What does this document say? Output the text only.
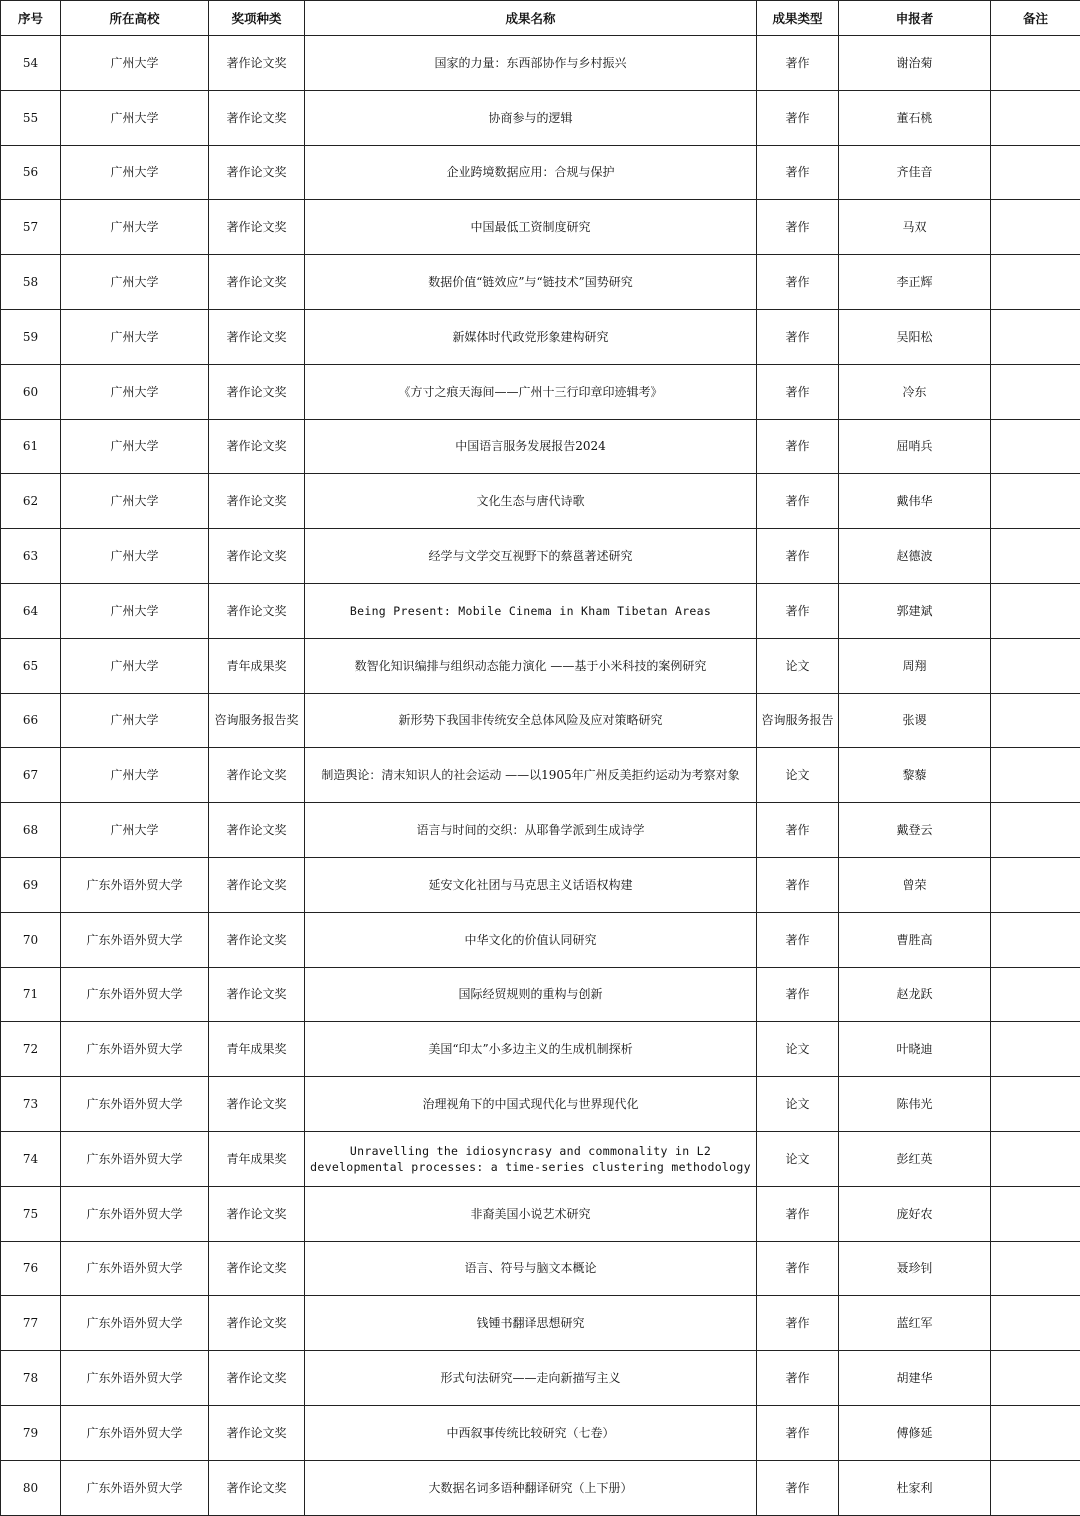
序号	所在高校	奖项种类	成果名称	成果类型	申报者	备注
54	广州大学	著作论文奖	国家的力量：东西部协作与乡村振兴	著作	谢治菊	
55	广州大学	著作论文奖	协商参与的逻辑	著作	董石桃	
56	广州大学	著作论文奖	企业跨境数据应用：合规与保护	著作	齐佳音	
57	广州大学	著作论文奖	中国最低工资制度研究	著作	马双	
58	广州大学	著作论文奖	数据价值“链效应”与“链技术”国势研究	著作	李正辉	
59	广州大学	著作论文奖	新媒体时代政党形象建构研究	著作	吴阳松	
60	广州大学	著作论文奖	《方寸之痕天海间——广州十三行印章印迹辑考》	著作	冷东	
61	广州大学	著作论文奖	中国语言服务发展报告2024	著作	屈哨兵	
62	广州大学	著作论文奖	文化生态与唐代诗歌	著作	戴伟华	
63	广州大学	著作论文奖	经学与文学交互视野下的蔡邕著述研究	著作	赵德波	
64	广州大学	著作论文奖	Being Present: Mobile Cinema in Kham Tibetan Areas	著作	郭建斌	
65	广州大学	青年成果奖	数智化知识编排与组织动态能力演化 ——基于小米科技的案例研究	论文	周翔	
66	广州大学	咨询服务报告奖	新形势下我国非传统安全总体风险及应对策略研究	咨询服务报告	张谡	
67	广州大学	著作论文奖	制造舆论：清末知识人的社会运动 ——以1905年广州反美拒约运动为考察对象	论文	黎藜	
68	广州大学	著作论文奖	语言与时间的交织：从耶鲁学派到生成诗学	著作	戴登云	
69	广东外语外贸大学	著作论文奖	延安文化社团与马克思主义话语权构建	著作	曾荣	
70	广东外语外贸大学	著作论文奖	中华文化的价值认同研究	著作	曹胜高	
71	广东外语外贸大学	著作论文奖	国际经贸规则的重构与创新	著作	赵龙跃	
72	广东外语外贸大学	青年成果奖	美国“印太”小多边主义的生成机制探析	论文	叶晓迪	
73	广东外语外贸大学	著作论文奖	治理视角下的中国式现代化与世界现代化	论文	陈伟光	
74	广东外语外贸大学	青年成果奖	Unravelling the idiosyncrasy and commonality in L2 developmental processes: a time-series clustering methodology	论文	彭红英	
75	广东外语外贸大学	著作论文奖	非裔美国小说艺术研究	著作	庞好农	
76	广东外语外贸大学	著作论文奖	语言、符号与脑文本概论	著作	聂珍钊	
77	广东外语外贸大学	著作论文奖	钱锺书翻译思想研究	著作	蓝红军	
78	广东外语外贸大学	著作论文奖	形式句法研究——走向新描写主义	著作	胡建华	
79	广东外语外贸大学	著作论文奖	中西叙事传统比较研究（七卷）	著作	傅修延	
80	广东外语外贸大学	著作论文奖	大数据名词多语种翻译研究（上下册）	著作	杜家利	
